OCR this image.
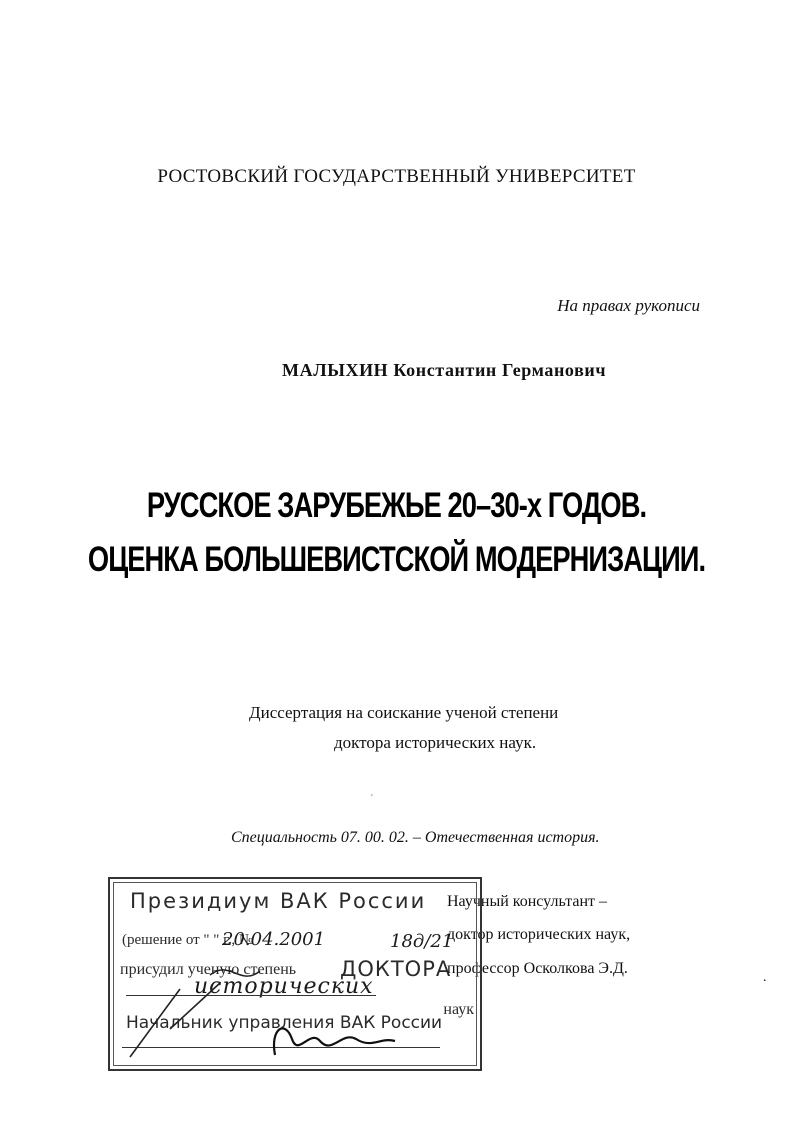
РОСТОВСКИЙ ГОСУДАРСТВЕННЫЙ УНИВЕРСИТЕТ
На правах рукописи
МАЛЫХИН Константин Германович
РУССКОЕ ЗАРУБЕЖЬЕ 20–30-х ГОДОВ.
ОЦЕНКА БОЛЬШЕВИСТСКОЙ МОДЕРНИЗАЦИИ.
Диссертация на соискание ученой степени
доктора исторических наук.
'
Специальность 07. 00. 02. – Отечественная история.
Научный консультант –
доктор исторических наук,
профессор Осколкова Э.Д.
.
Президиум ВАК России
(решение от " " г., №
20.04.2001	18д/21
присудил ученую степень ДОКТОРА
исторических
наук
Начальник управления ВАК России
